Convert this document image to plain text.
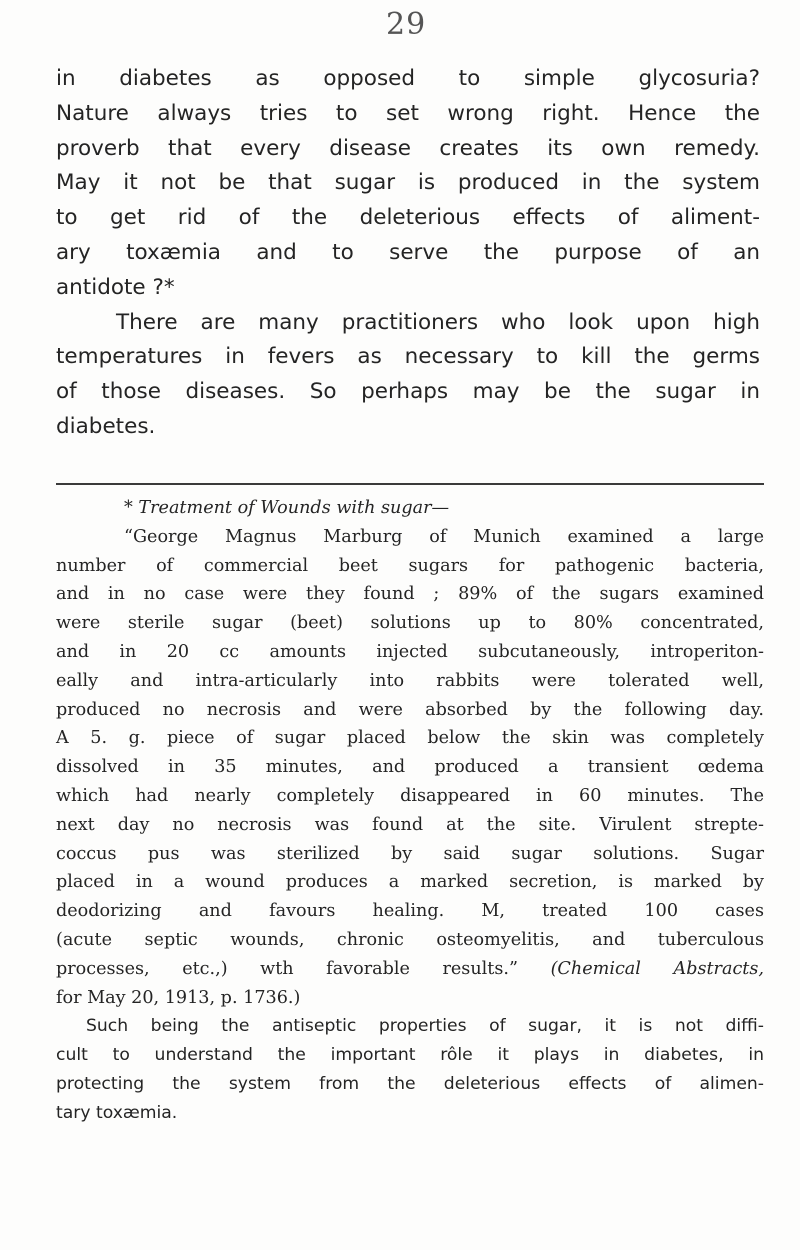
29

in diabetes as opposed to simple glycosuria?
Nature always tries to set wrong right. Hence the
proverb that every disease creates its own remedy.
May it not be that sugar is produced in the system
to get rid of the deleterious effects of aliment-
ary toxæmia and to serve the purpose of an
antidote ?*

There are many practitioners who look upon high
temperatures in fevers as necessary to kill the germs
of those diseases. So perhaps may be the sugar in
diabetes.

* Treatment of Wounds with sugar—
“George Magnus Marburg of Munich examined a large
number of commercial beet sugars for pathogenic bacteria,
and in no case were they found ; 89% of the sugars examined
were sterile sugar (beet) solutions up to 80% concentrated,
and in 20 cc amounts injected subcutaneously, introperiton-
eally and intra-articularly into rabbits were tolerated well,
produced no necrosis and were absorbed by the following day.
A 5. g. piece of sugar placed below the skin was completely
dissolved in 35 minutes, and produced a transient œdema
which had nearly completely disappeared in 60 minutes. The
next day no necrosis was found at the site. Virulent strepte-
coccus pus was sterilized by said sugar solutions. Sugar
placed in a wound produces a marked secretion, is marked by
deodorizing and favours healing. M, treated 100 cases
(acute septic wounds, chronic osteomyelitis, and tuberculous
processes, etc.,) wth favorable results.” (Chemical Abstracts,
for May 20, 1913, p. 1736.)
Such being the antiseptic properties of sugar, it is not diffi-
cult to understand the important rôle it plays in diabetes, in
protecting the system from the deleterious effects of alimen-
tary toxæmia.
